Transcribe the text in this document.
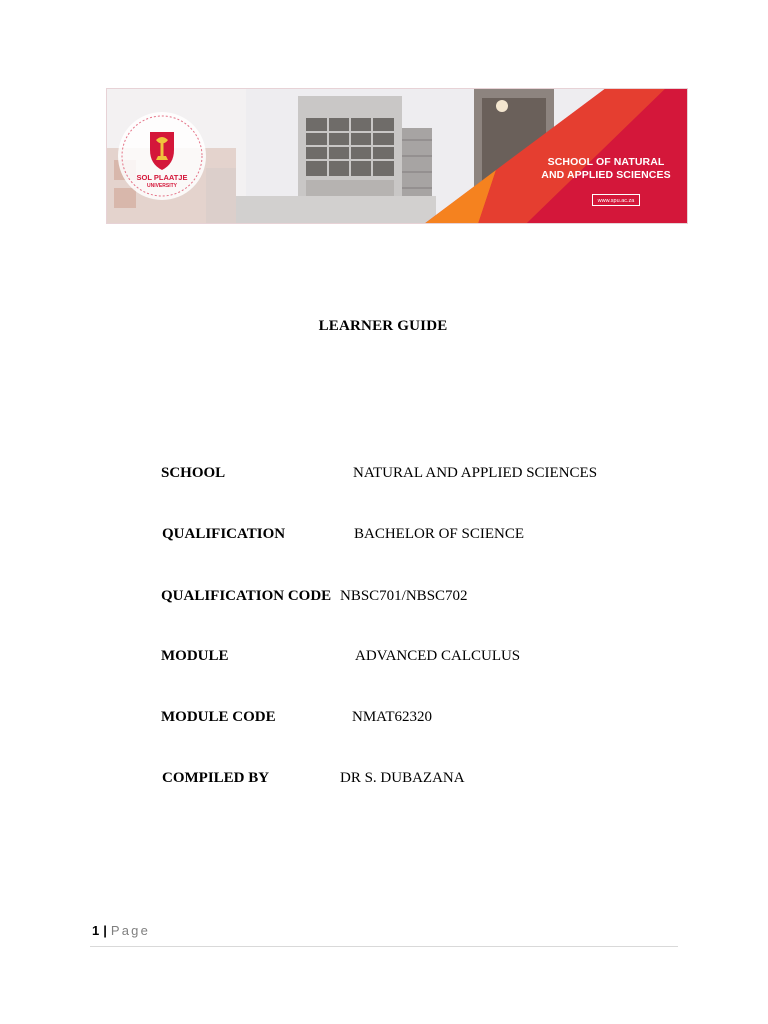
SOL PLAATJE
UNIVERSITY
SCHOOL OF NATURAL
AND APPLIED SCIENCES
www.spu.ac.za
LEARNER GUIDE
SCHOOL	NATURAL AND APPLIED SCIENCES
QUALIFICATION	BACHELOR OF SCIENCE
QUALIFICATION CODE NBSC701/NBSC702
MODULE	ADVANCED CALCULUS
MODULE CODE	NMAT62320
COMPILED BY	DR S. DUBAZANA
1 | Page
